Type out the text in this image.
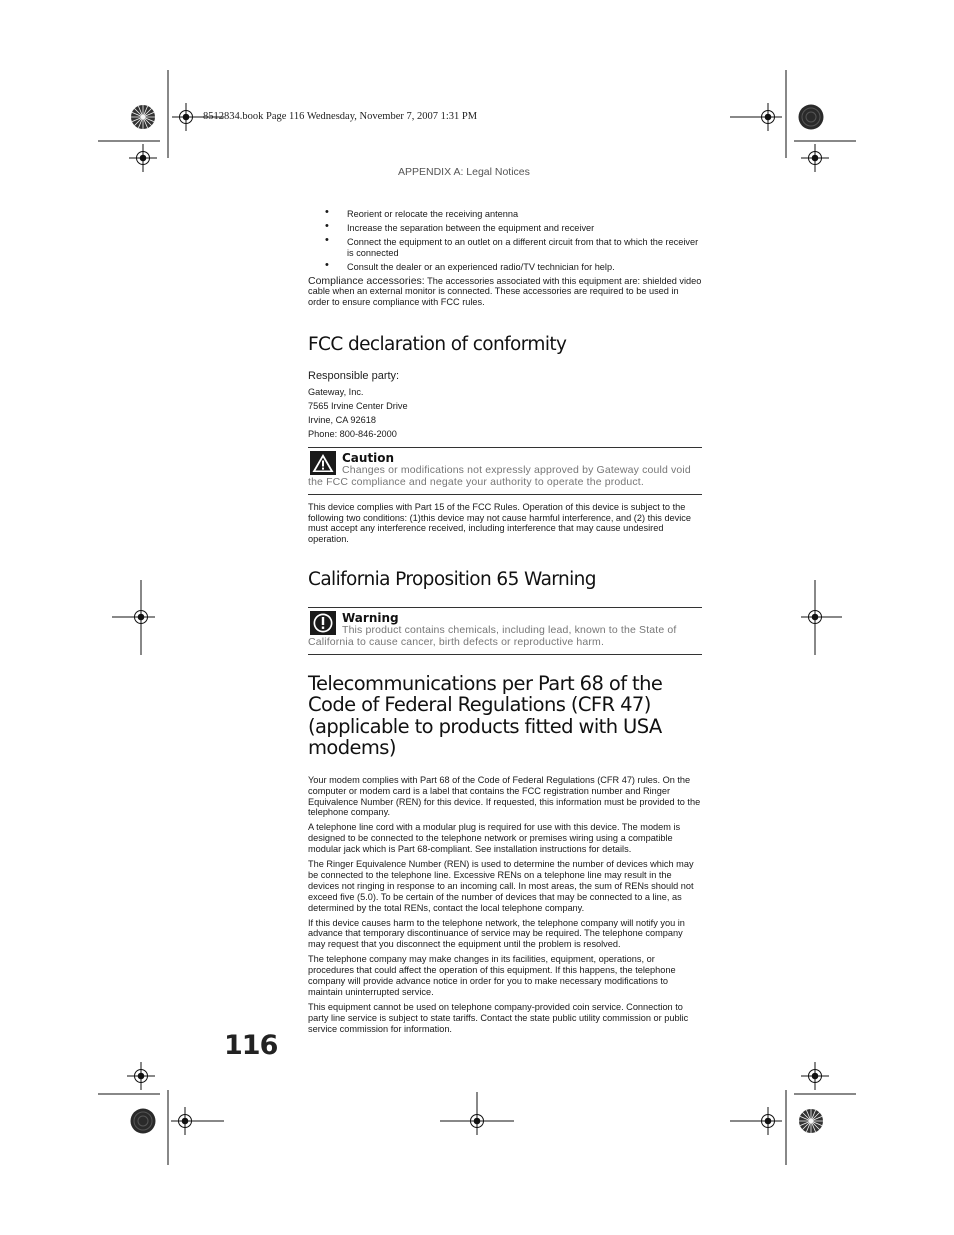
8512834.book Page 116 Wednesday, November 7, 2007 1:31 PM
APPENDIX A: Legal Notices
• Reorient or relocate the receiving antenna
• Increase the separation between the equipment and receiver
• Connect the equipment to an outlet on a different circuit from that to which the receiver is connected
• Consult the dealer or an experienced radio/TV technician for help.

Compliance accessories: The accessories associated with this equipment are: shielded video cable when an external monitor is connected. These accessories are required to be used in order to ensure compliance with FCC rules.

FCC declaration of conformity
Responsible party:
Gateway, Inc.
7565 Irvine Center Drive
Irvine, CA 92618
Phone: 800-846-2000
Caution
Changes or modifications not expressly approved by Gateway could void
the FCC compliance and negate your authority to operate the product.

This device complies with Part 15 of the FCC Rules. Operation of this device is subject to the following two conditions: (1)this device may not cause harmful interference, and (2) this device must accept any interference received, including interference that may cause undesired operation.

California Proposition 65 Warning
Warning
This product contains chemicals, including lead, known to the State of
California to cause cancer, birth defects or reproductive harm.
Telecommunications per Part 68 of the Code of Federal Regulations (CFR 47) (applicable to products fitted with USA modems)

Your modem complies with Part 68 of the Code of Federal Regulations (CFR 47) rules. On the computer or modem card is a label that contains the FCC registration number and Ringer Equivalence Number (REN) for this device. If requested, this information must be provided to the telephone company.

A telephone line cord with a modular plug is required for use with this device. The modem is designed to be connected to the telephone network or premises wiring using a compatible modular jack which is Part 68-compliant. See installation instructions for details.

The Ringer Equivalence Number (REN) is used to determine the number of devices which may be connected to the telephone line. Excessive RENs on a telephone line may result in the devices not ringing in response to an incoming call. In most areas, the sum of RENs should not exceed five (5.0). To be certain of the number of devices that may be connected to a line, as determined by the total RENs, contact the local telephone company.

If this device causes harm to the telephone network, the telephone company will notify you in advance that temporary discontinuance of service may be required. The telephone company may request that you disconnect the equipment until the problem is resolved.

The telephone company may make changes in its facilities, equipment, operations, or procedures that could affect the operation of this equipment. If this happens, the telephone company will provide advance notice in order for you to make necessary modifications to maintain uninterrupted service.

This equipment cannot be used on telephone company-provided coin service. Connection to party line service is subject to state tariffs. Contact the state public utility commission or public service commission for information.

116
